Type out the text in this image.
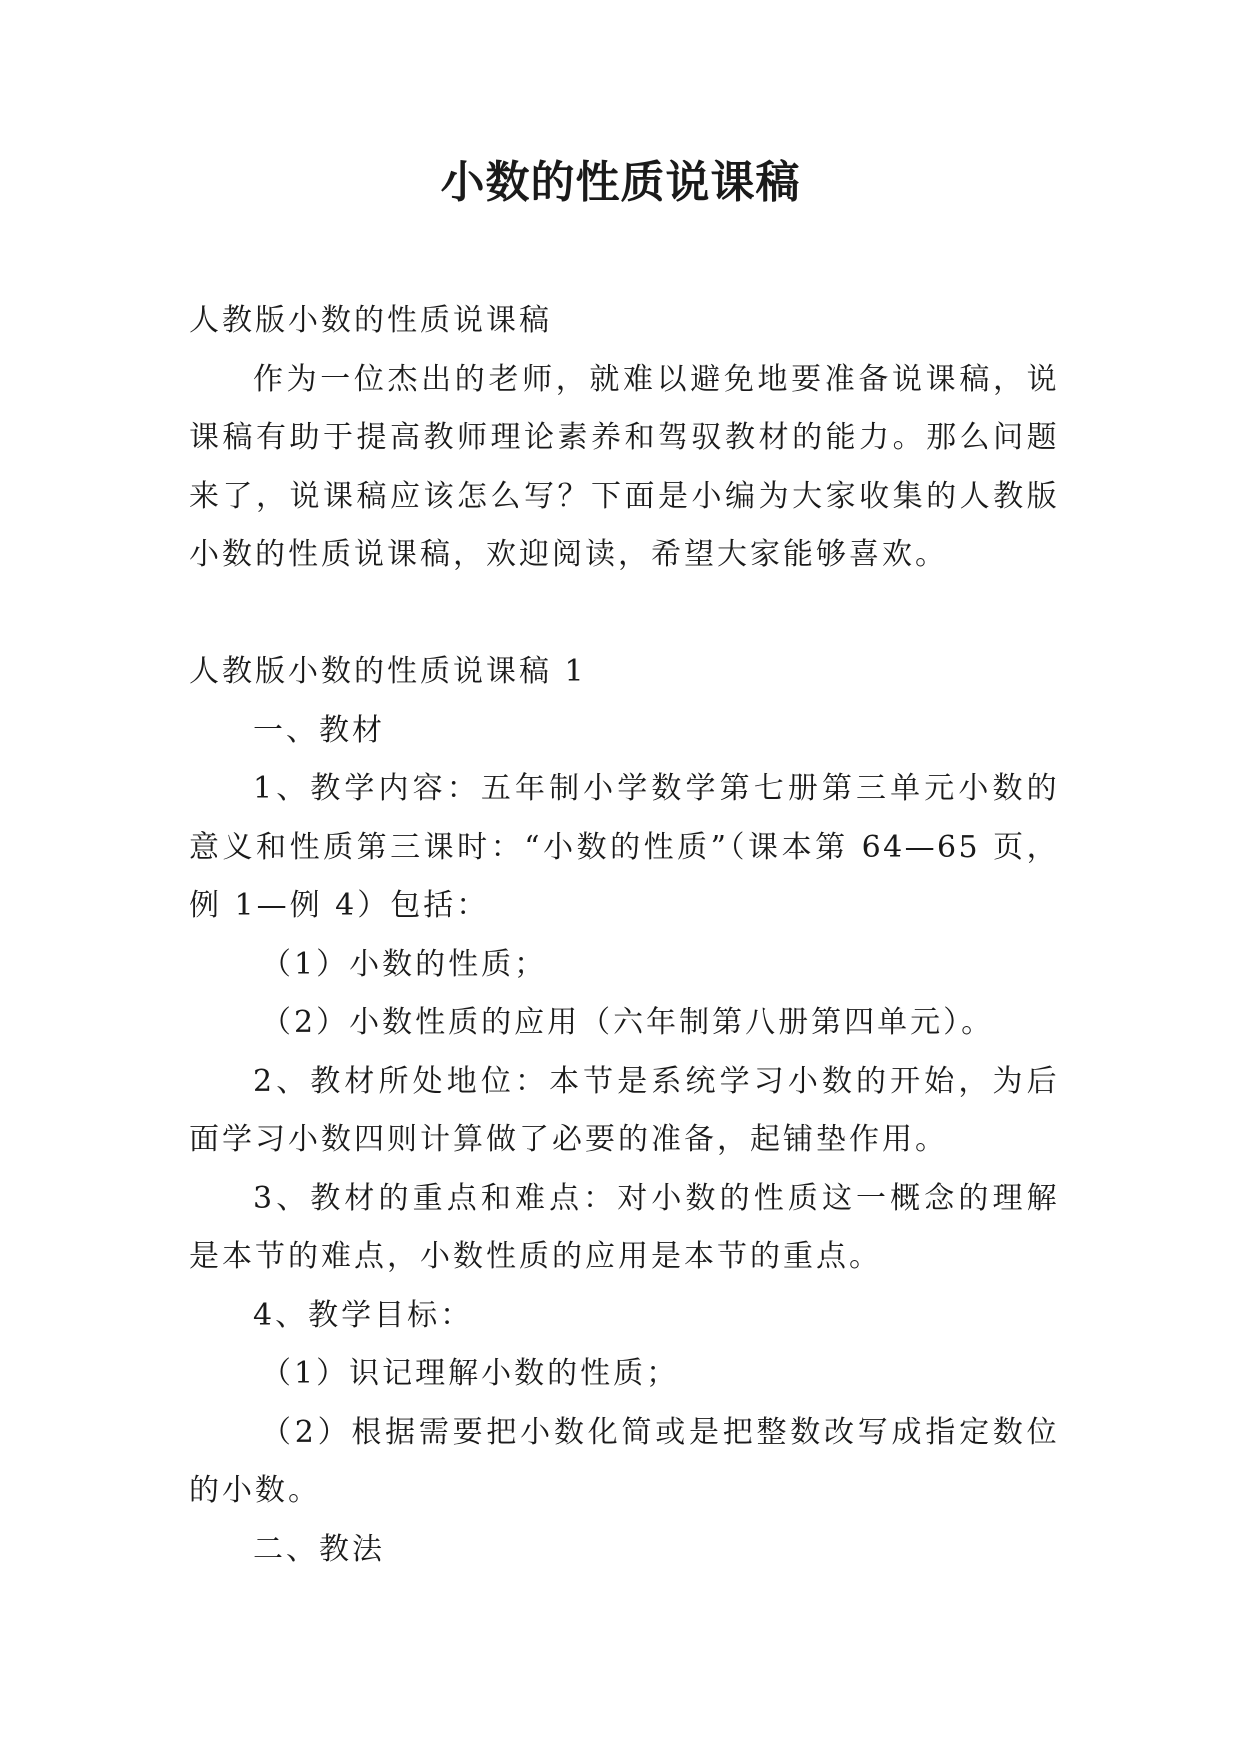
小数的性质说课稿
人教版小数的性质说课稿
作为一位杰出的老师，就难以避免地要准备说课稿，说
课稿有助于提高教师理论素养和驾驭教材的能力。那么问题
来了，说课稿应该怎么写？下面是小编为大家收集的人教版
小数的性质说课稿，欢迎阅读，希望大家能够喜欢。
人教版小数的性质说课稿 1
一、教材
1、教学内容：五年制小学数学第七册第三单元小数的
意义和性质第三课时：“小数的性质”（课本第 64—65 页，
例 1—例 4）包括：
（1）小数的性质；
（2）小数性质的应用（六年制第八册第四单元）。
2、教材所处地位：本节是系统学习小数的开始，为后
面学习小数四则计算做了必要的准备，起铺垫作用。
3、教材的重点和难点：对小数的性质这一概念的理解
是本节的难点，小数性质的应用是本节的重点。
4、教学目标：
（1）识记理解小数的性质；
（2）根据需要把小数化简或是把整数改写成指定数位
的小数。
二、教法
